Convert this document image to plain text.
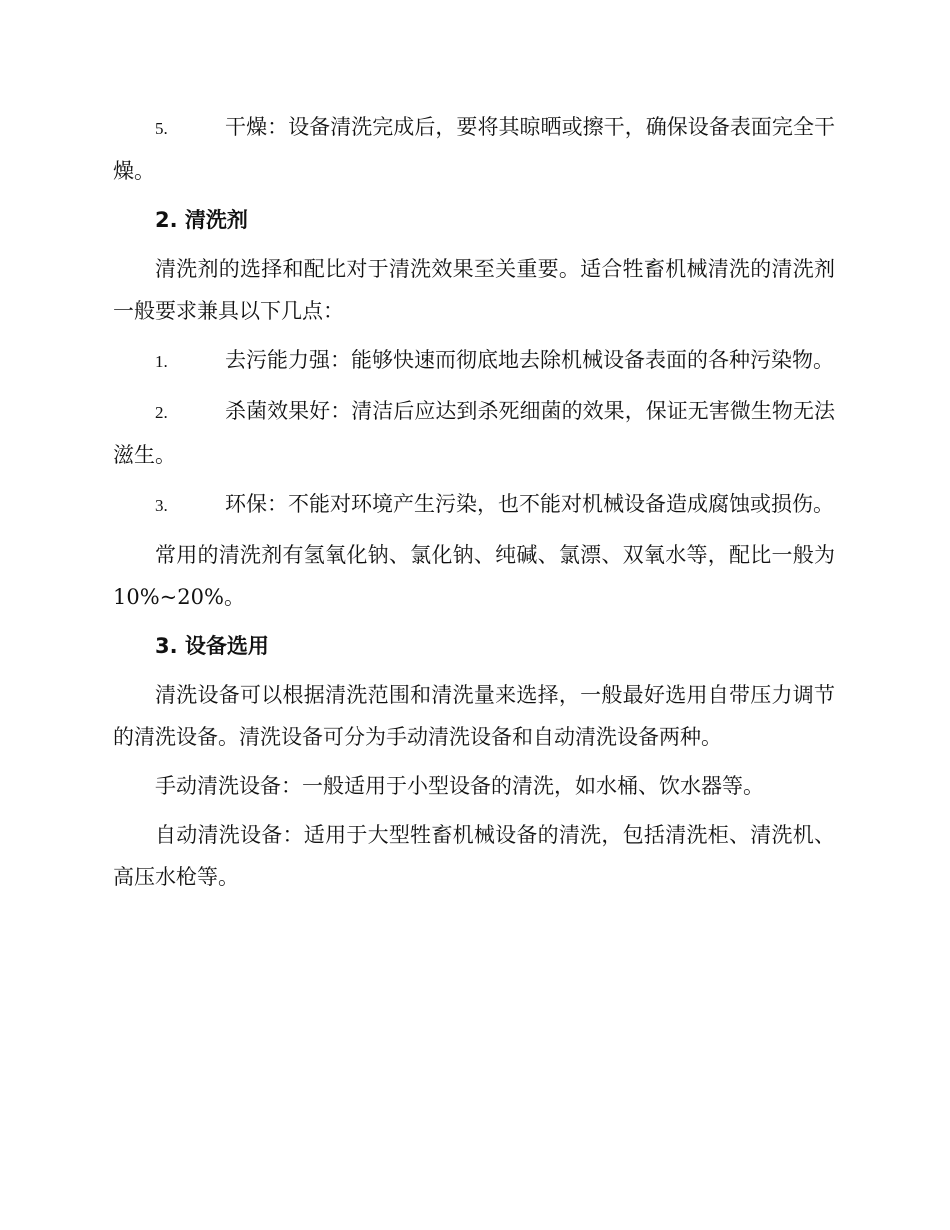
5.	干燥：设备清洗完成后，要将其晾晒或擦干，确保设备表面完全干燥。

2. 清洗剂

清洗剂的选择和配比对于清洗效果至关重要。适合牲畜机械清洗的清洗剂一般要求兼具以下几点：

1.	去污能力强：能够快速而彻底地去除机械设备表面的各种污染物。

2.	杀菌效果好：清洁后应达到杀死细菌的效果，保证无害微生物无法滋生。

3.	环保：不能对环境产生污染，也不能对机械设备造成腐蚀或损伤。

常用的清洗剂有氢氧化钠、氯化钠、纯碱、氯漂、双氧水等，配比一般为 10%~20%。

3. 设备选用

清洗设备可以根据清洗范围和清洗量来选择，一般最好选用自带压力调节的清洗设备。清洗设备可分为手动清洗设备和自动清洗设备两种。

手动清洗设备：一般适用于小型设备的清洗，如水桶、饮水器等。

自动清洗设备：适用于大型牲畜机械设备的清洗，包括清洗柜、清洗机、高压水枪等。
